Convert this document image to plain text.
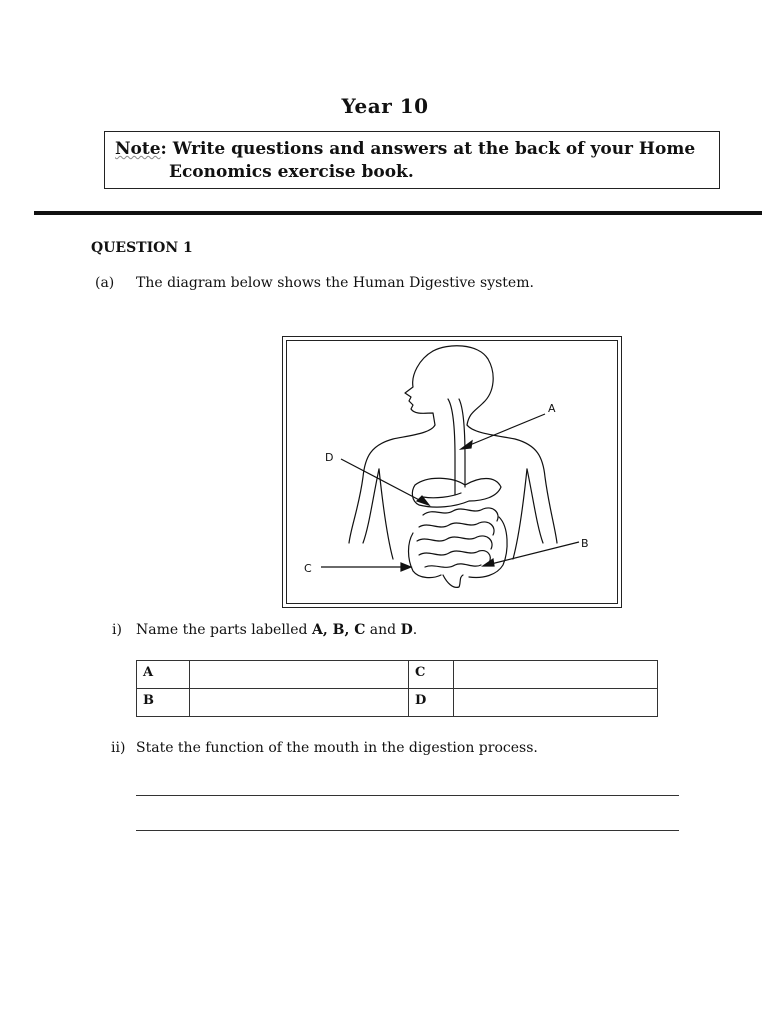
Year 10
Note: Write questions and answers at the back of your Home
Economics exercise book.
QUESTION 1
(a) The diagram below shows the Human Digestive system.
A
B
C
D
i) Name the parts labelled A, B, C and D.
A		C	
B		D	
ii) State the function of the mouth in the digestion process.
